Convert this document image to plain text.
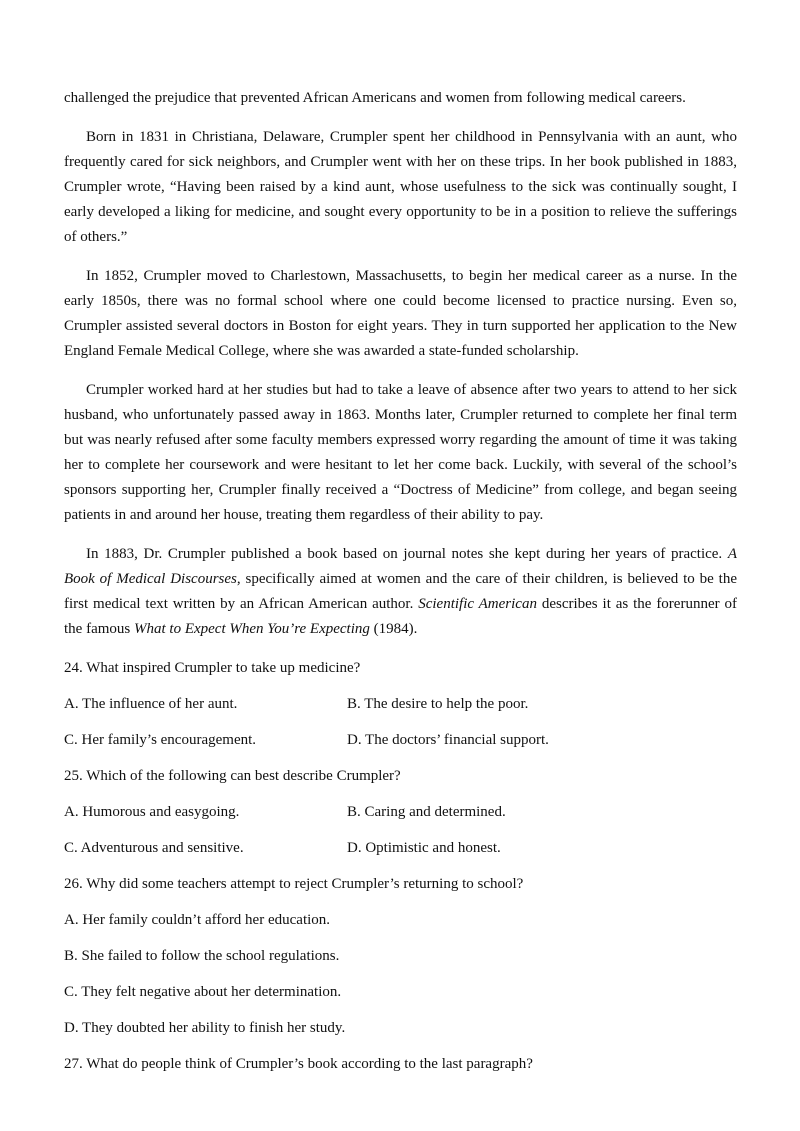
challenged the prejudice that prevented African Americans and women from following medical careers.

Born in 1831 in Christiana, Delaware, Crumpler spent her childhood in Pennsylvania with an aunt, who frequently cared for sick neighbors, and Crumpler went with her on these trips. In her book published in 1883, Crumpler wrote, “Having been raised by a kind aunt, whose usefulness to the sick was continually sought, I early developed a liking for medicine, and sought every opportunity to be in a position to relieve the sufferings of others.”

In 1852, Crumpler moved to Charlestown, Massachusetts, to begin her medical career as a nurse. In the early 1850s, there was no formal school where one could become licensed to practice nursing. Even so, Crumpler assisted several doctors in Boston for eight years. They in turn supported her application to the New England Female Medical College, where she was awarded a state-funded scholarship.

Crumpler worked hard at her studies but had to take a leave of absence after two years to attend to her sick husband, who unfortunately passed away in 1863. Months later, Crumpler returned to complete her final term but was nearly refused after some faculty members expressed worry regarding the amount of time it was taking her to complete her coursework and were hesitant to let her come back. Luckily, with several of the school’s sponsors supporting her, Crumpler finally received a “Doctress of Medicine” from college, and began seeing patients in and around her house, treating them regardless of their ability to pay.

In 1883, Dr. Crumpler published a book based on journal notes she kept during her years of practice. A Book of Medical Discourses, specifically aimed at women and the care of their children, is believed to be the first medical text written by an African American author. Scientific American describes it as the forerunner of the famous What to Expect When You’re Expecting (1984).

24. What inspired Crumpler to take up medicine?
A. The influence of her aunt.	B. The desire to help the poor.
C. Her family’s encouragement.	D. The doctors’ financial support.
25. Which of the following can best describe Crumpler?
A. Humorous and easygoing.	B. Caring and determined.
C. Adventurous and sensitive.	D. Optimistic and honest.
26. Why did some teachers attempt to reject Crumpler’s returning to school?
A. Her family couldn’t afford her education.
B. She failed to follow the school regulations.
C. They felt negative about her determination.
D. They doubted her ability to finish her study.
27. What do people think of Crumpler’s book according to the last paragraph?
